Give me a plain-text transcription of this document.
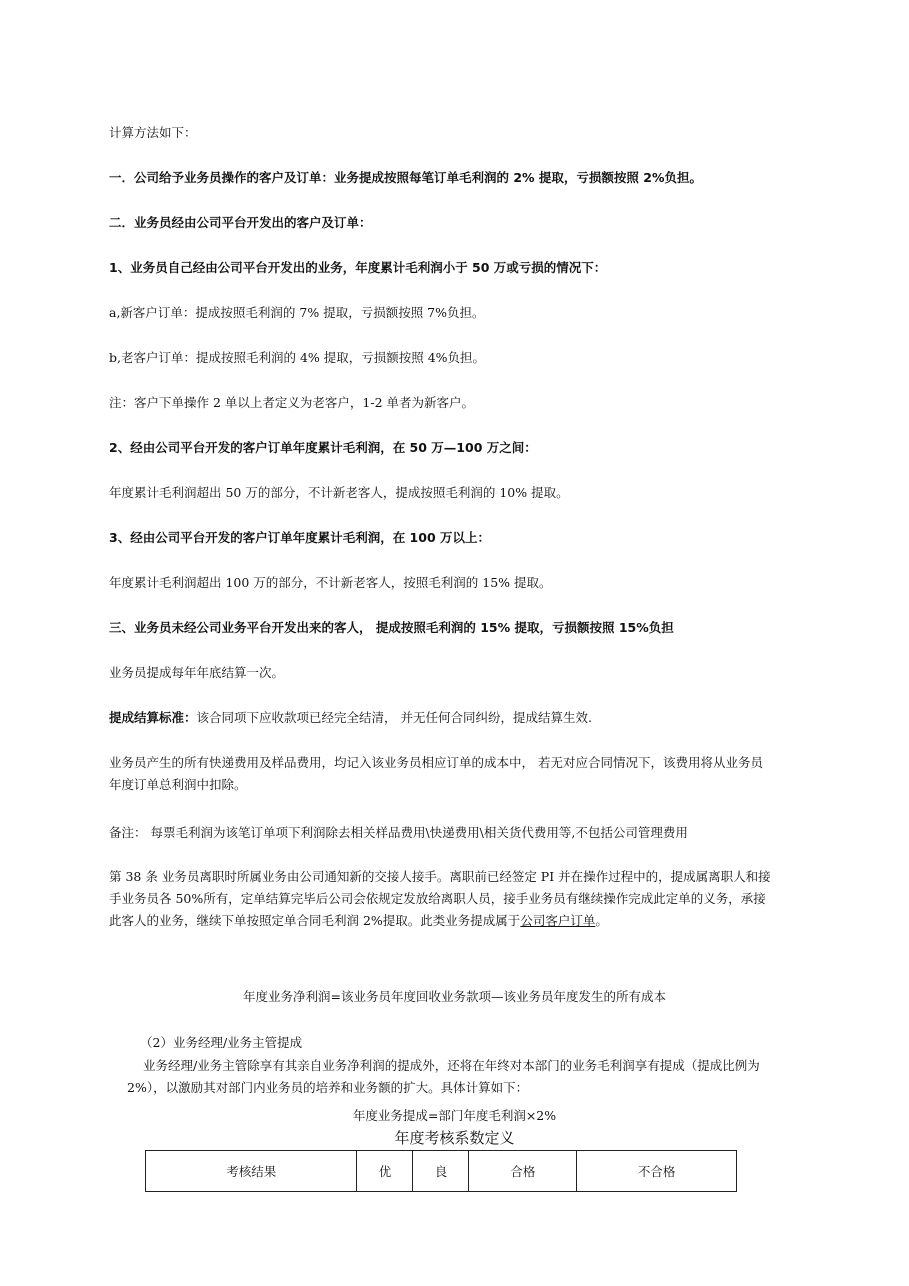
计算方法如下：
一．公司给予业务员操作的客户及订单：业务提成按照每笔订单毛利润的 2% 提取，亏损额按照 2%负担。
二．业务员经由公司平台开发出的客户及订单：
1、业务员自己经由公司平台开发出的业务，年度累计毛利润小于 50 万或亏损的情况下：
a,新客户订单：提成按照毛利润的 7% 提取，亏损额按照 7%负担。
b,老客户订单：提成按照毛利润的 4% 提取，亏损额按照 4%负担。
注：客户下单操作 2 单以上者定义为老客户，1-2 单者为新客户。
2、经由公司平台开发的客户订单年度累计毛利润，在 50 万—100 万之间：
年度累计毛利润超出 50 万的部分，不计新老客人，提成按照毛利润的 10% 提取。
3、经由公司平台开发的客户订单年度累计毛利润，在 100 万以上：
年度累计毛利润超出 100 万的部分，不计新老客人，按照毛利润的 15% 提取。
三、业务员未经公司业务平台开发出来的客人， 提成按照毛利润的 15% 提取，亏损额按照 15%负担
业务员提成每年年底结算一次。
提成结算标准：该合同项下应收款项已经完全结清， 并无任何合同纠纷，提成结算生效.
业务员产生的所有快递费用及样品费用，均记入该业务员相应订单的成本中， 若无对应合同情况下，该费用将从业务员年度订单总利润中扣除。
备注： 每票毛利润为该笔订单项下利润除去相关样品费用\快递费用\相关货代费用等,不包括公司管理费用
第 38 条 业务员离职时所属业务由公司通知新的交接人接手。离职前已经签定 PI 并在操作过程中的，提成属离职人和接手业务员各 50%所有，定单结算完毕后公司会依规定发放给离职人员，接手业务员有继续操作完成此定单的义务，承接此客人的业务，继续下单按照定单合同毛利润 2%提取。此类业务提成属于公司客户订单。
年度业务净利润=该业务员年度回收业务款项—该业务员年度发生的所有成本
（2）业务经理/业务主管提成
业务经理/业务主管除享有其亲自业务净利润的提成外，还将在年终对本部门的业务毛利润享有提成（提成比例为 2%），以激励其对部门内业务员的培养和业务额的扩大。具体计算如下：
年度业务提成=部门年度毛利润×2%
年度考核系数定义
考核结果	优	良	合格	不合格
